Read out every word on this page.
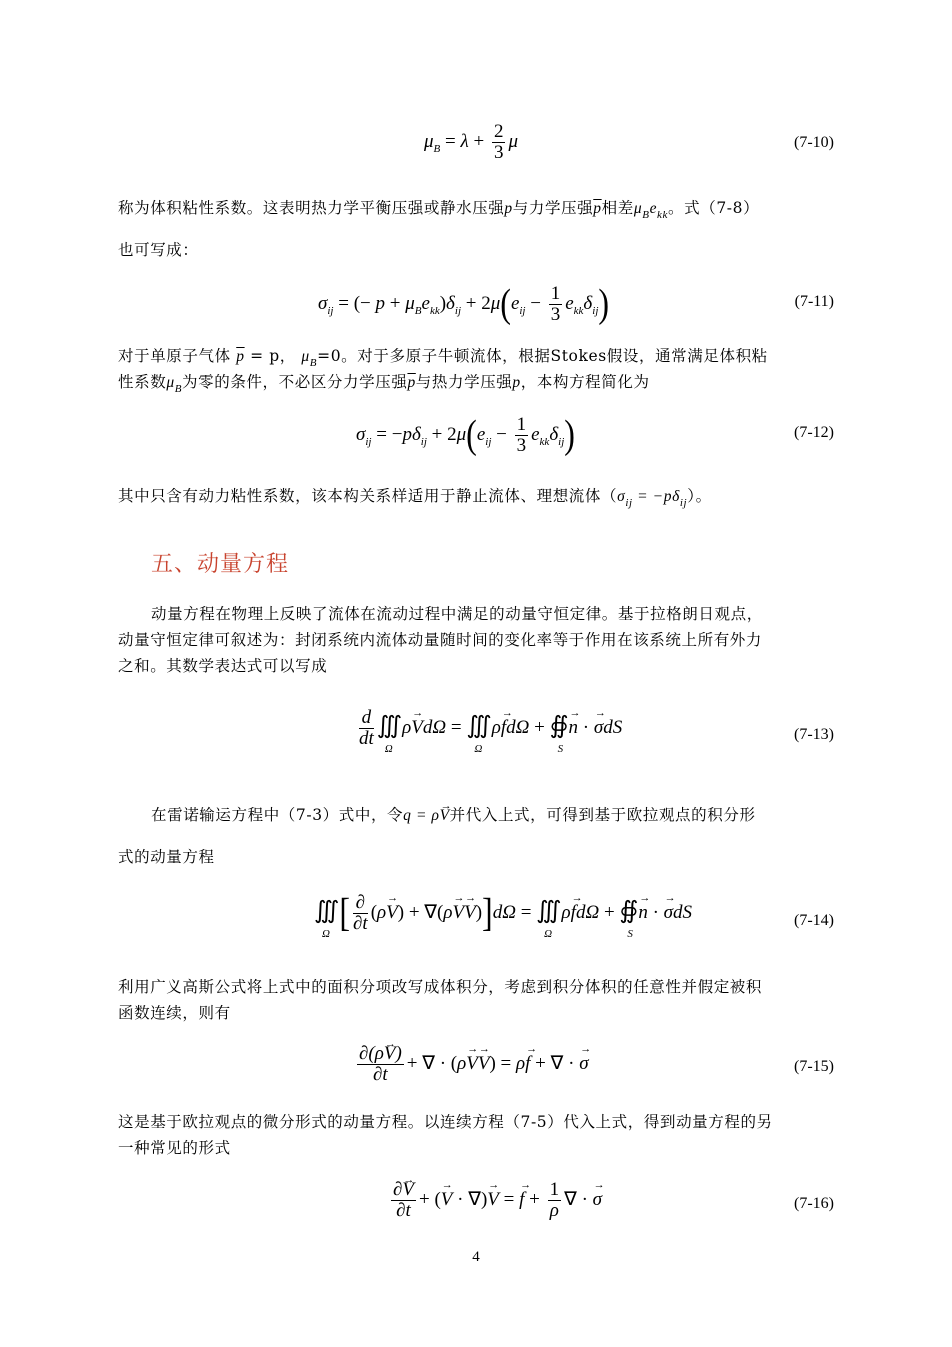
$\mu_B = \lambda + \frac{2}{3}$ μ	(7-10)
称为体积粘性系数。这表明热力学平衡压强或静水压强p与力学压强$\overline{p}$相差$\mu_Be_{kk}$。式（7-8）
也可写成：
$\sigma_{ij}$ = (− $p + \mu_Be_{kk})\delta_{ij} + 2\mu(e_{ij} - \frac{1}{3} e_{kk}\delta_{ij})$	(7-11)
对于单原子气体 $\overline{p} = p$， $\mu_B=0$。对于多原子牛顿流体，根据Stokes假设，通常满足体积粘
性系数$\mu_B$为零的条件，不必区分力学压强$\overline{p}$与热力学压强p，本构方程简化为
$\sigma_{ij} = -p\delta_{ij} + 2\mu(e_{ij} - \frac{1}{3} e_{kk}\delta_{ij})$	(7-12)
其中只含有动力粘性系数，该本构关系样适用于静止流体、理想流体$(\sigma_{ij} = -p\delta_{ij})$。
五、动量方程
动量方程在物理上反映了流体在流动过程中满足的动量守恒定律。基于拉格朗日观点，
动量守恒定律可叙述为：封闭系统内流体动量随时间的变化率等于作用在该系统上所有外力
之和。其数学表达式可以写成
$\frac{d}{dt}$ ∭
Ω
ρV →dΩ = ∭
Ω
ρf →dΩ + ∯
S
n → · σ →dS	(7-13)
在雷诺输运方程中（7-3）式中，令q = ρV →并代入上式，可得到基于欧拉观点的积分形
式的动量方程
∭
Ω [ $\frac{\partial}{\partial t} (\rho V$ →) + ∇(ρV →V →)]dΩ = ∭
Ω
ρf →dΩ + ∯
S
n → · σ →dS	(7-14)
利用广义高斯公式将上式中的面积分项改写成体积分，考虑到积分体积的任意性并假定被积
函数连续，则有
$\frac{\partial(\rho V \to)}{\partial t}$ + ∇ · (ρV →V →) = ρf → + ∇ · σ →	(7-15)
这是基于欧拉观点的微分形式的动量方程。以连续方程（7-5）代入上式，得到动量方程的另
一种常见的形式
$\frac{\partial V \to}{\partial t} + (V$ → · ∇)V → = f → + $\frac{1}{\rho}$ ∇ · σ →	(7-16)
4
